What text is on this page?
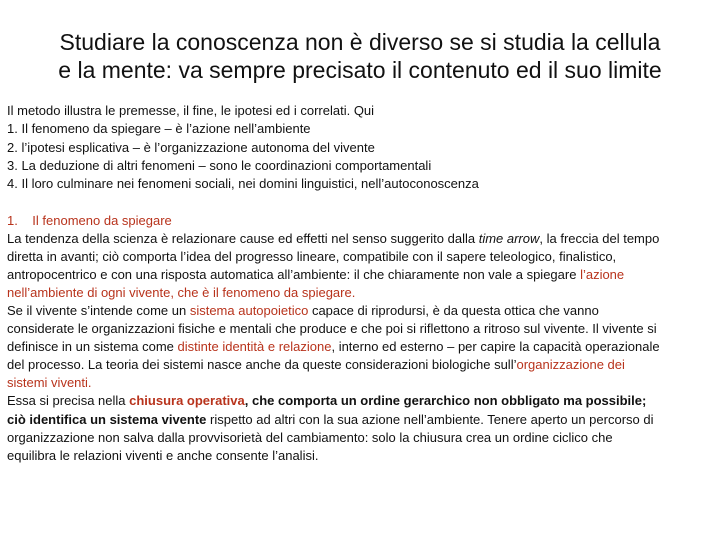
Studiare la conoscenza non è diverso se si studia la cellula
e la mente: va sempre precisato il contenuto ed il suo limite
Il metodo illustra le premesse, il fine, le ipotesi ed i correlati. Qui
1. Il fenomeno da spiegare – è l’azione nell’ambiente
2. l’ipotesi esplicativa – è l’organizzazione autonoma del vivente
3. La deduzione di altri fenomeni – sono le coordinazioni comportamentali
4. Il loro culminare nei fenomeni sociali, nei domini linguistici, nell’autoconoscenza
1. Il fenomeno da spiegare
La tendenza della scienza è relazionare cause ed effetti nel senso suggerito dalla time arrow, la freccia del tempo
diretta in avanti; ciò comporta l’idea del progresso lineare, compatibile con il sapere teleologico, finalistico,
antropocentrico e con una risposta automatica all’ambiente: il che chiaramente non vale a spiegare l’azione
nell’ambiente di ogni vivente, che è il fenomeno da spiegare.
Se il vivente s’intende come un sistema autopoietico capace di riprodursi, è da questa ottica che vanno
considerate le organizzazioni fisiche e mentali che produce e che poi si riflettono a ritroso sul vivente. Il vivente si
definisce in un sistema come distinte identità e relazione, interno ed esterno – per capire la capacità operazionale
del processo. La teoria dei sistemi nasce anche da queste considerazioni biologiche sull’organizzazione dei
sistemi viventi.
Essa si precisa nella chiusura operativa, che comporta un ordine gerarchico non obbligato ma possibile;
ciò identifica un sistema vivente rispetto ad altri con la sua azione nell’ambiente. Tenere aperto un percorso di
organizzazione non salva dalla provvisorietà del cambiamento: solo la chiusura crea un ordine ciclico che
equilibra le relazioni viventi e anche consente l’analisi.
